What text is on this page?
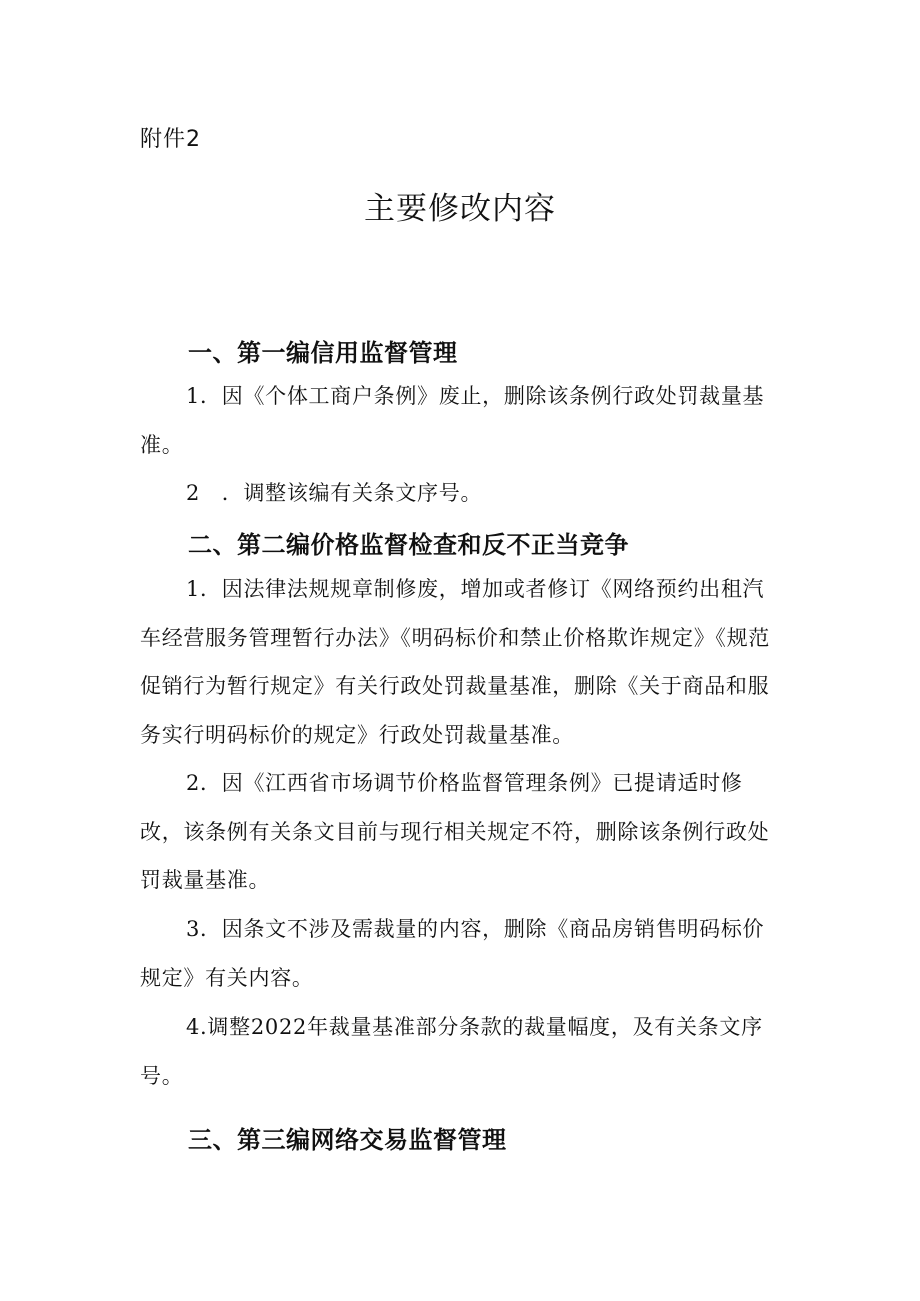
附件2
主要修改内容
一、第一编信用监督管理
1．因《个体工商户条例》废止，删除该条例行政处罚裁量基准。
2　．调整该编有关条文序号。
二、第二编价格监督检查和反不正当竞争
1．因法律法规规章制修废，增加或者修订《网络预约出租汽车经营服务管理暂行办法》《明码标价和禁止价格欺诈规定》《规范促销行为暂行规定》有关行政处罚裁量基准，删除《关于商品和服务实行明码标价的规定》行政处罚裁量基准。
2．因《江西省市场调节价格监督管理条例》已提请适时修改，该条例有关条文目前与现行相关规定不符，删除该条例行政处罚裁量基准。
3．因条文不涉及需裁量的内容，删除《商品房销售明码标价规定》有关内容。
4.调整2022年裁量基准部分条款的裁量幅度，及有关条文序号。
三、第三编网络交易监督管理
